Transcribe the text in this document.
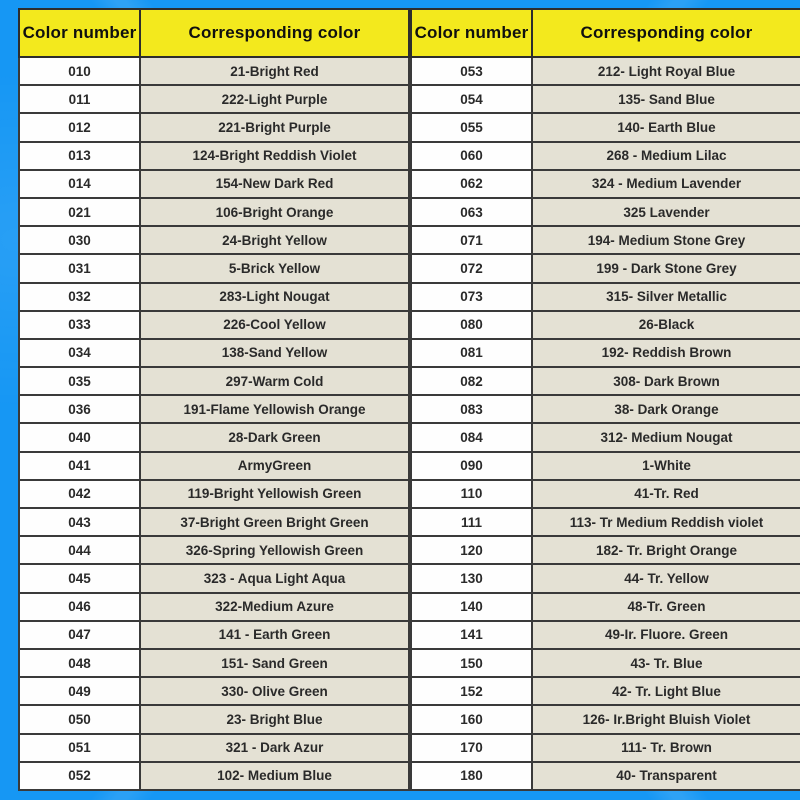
Color number	Corresponding color
010	21-Bright Red
011	222-Light Purple
012	221-Bright Purple
013	124-Bright Reddish Violet
014	154-New Dark Red
021	106-Bright Orange
030	24-Bright Yellow
031	5-Brick Yellow
032	283-Light Nougat
033	226-Cool Yellow
034	138-Sand Yellow
035	297-Warm Cold
036	191-Flame Yellowish Orange
040	28-Dark Green
041	ArmyGreen
042	119-Bright Yellowish Green
043	37-Bright Green Bright Green
044	326-Spring Yellowish Green
045	323 - Aqua Light Aqua
046	322-Medium Azure
047	141 - Earth Green
048	151- Sand Green
049	330- Olive Green
050	23- Bright Blue
051	321 - Dark Azur
052	102- Medium Blue
Color number	Corresponding color
053	212- Light Royal Blue
054	135- Sand Blue
055	140- Earth Blue
060	268 - Medium Lilac
062	324 - Medium Lavender
063	325 Lavender
071	194- Medium Stone Grey
072	199 - Dark Stone Grey
073	315- Silver Metallic
080	26-Black
081	192- Reddish Brown
082	308- Dark Brown
083	38- Dark Orange
084	312- Medium Nougat
090	1-White
110	41-Tr. Red
111	113- Tr Medium Reddish violet
120	182- Tr. Bright Orange
130	44- Tr. Yellow
140	48-Tr. Green
141	49-Ir. Fluore. Green
150	43- Tr. Blue
152	42- Tr. Light Blue
160	126- Ir.Bright Bluish Violet
170	111- Tr. Brown
180	40- Transparent
